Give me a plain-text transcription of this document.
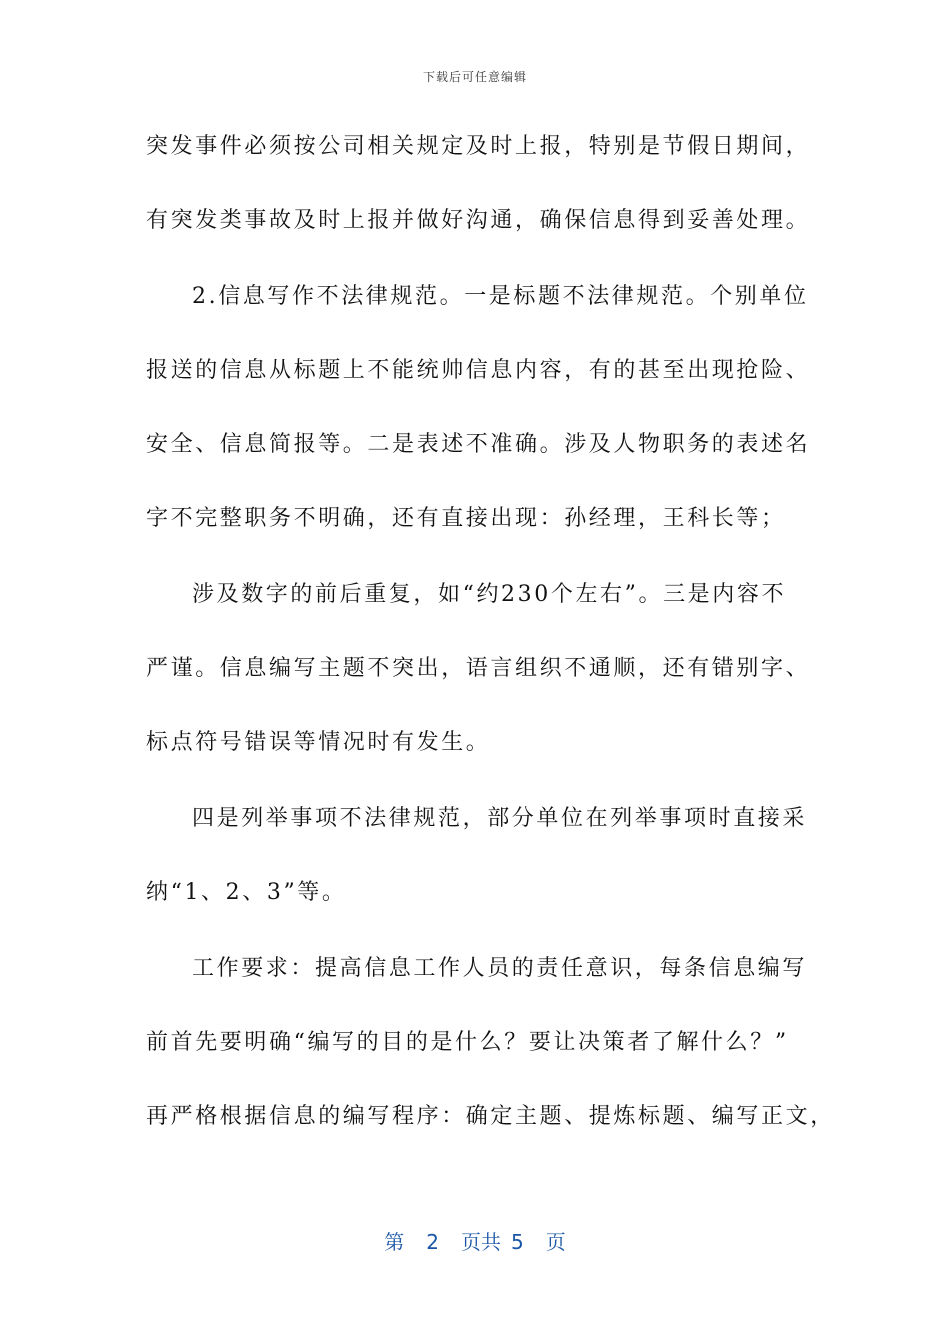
下载后可任意编辑
突发事件必须按公司相关规定及时上报，特别是节假日期间，
有突发类事故及时上报并做好沟通，确保信息得到妥善处理。
2.信息写作不法律规范。一是标题不法律规范。个别单位
报送的信息从标题上不能统帅信息内容，有的甚至出现抢险、
安全、信息简报等。二是表述不准确。涉及人物职务的表述名
字不完整职务不明确，还有直接出现：孙经理，王科长等；
涉及数字的前后重复，如“约230个左右”。三是内容不
严谨。信息编写主题不突出，语言组织不通顺，还有错别字、
标点符号错误等情况时有发生。
四是列举事项不法律规范，部分单位在列举事项时直接采
纳“1、2、3”等。
工作要求：提高信息工作人员的责任意识，每条信息编写
前首先要明确“编写的目的是什么？要让决策者了解什么？”
再严格根据信息的编写程序：确定主题、提炼标题、编写正文，
第 2 页共 5 页
